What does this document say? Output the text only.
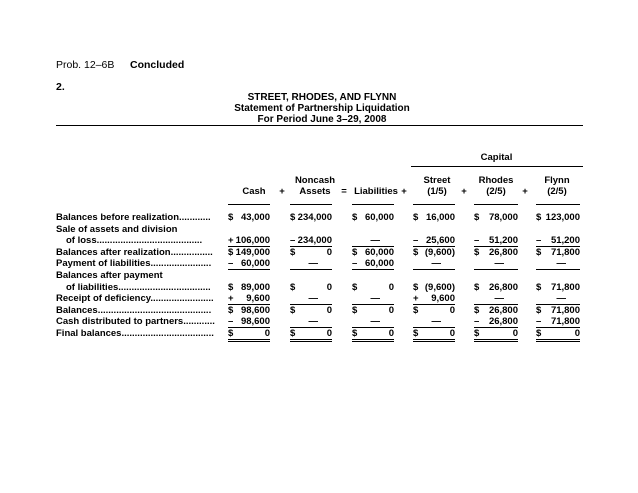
Prob. 12–6B Concluded
2.
STREET, RHODES, AND FLYNN
Statement of Partnership Liquidation
For Period June 3–29, 2008
Capital
Noncash	Street	Rhodes	Flynn
Cash	+	Assets	= Liabilities +	(1/5)	+	(2/5)	+	(2/5)
Balances before realization............ $ 43,000 $ 234,000 $ 60,000 $ 16,000 $ 78,000 $ 123,000
Sale of assets and division
of loss........................................	+ 106,000 – 234,000	—	– 25,600 – 51,200 – 51,200
Balances after realization................ $ 149,000 $	0 $ 60,000 $ (9,600) $ 26,800 $ 71,800
Payment of liabilities....................... – 60,000	—	– 60,000	—	—	—
Balances after payment
of liabilities................................... $ 89,000 $	0 $	0 $ (9,600) $ 26,800 $ 71,800
Receipt of deficiency........................ + 9,600	—	—	+ 9,600	—	—
Balances........................................... $ 98,600 $	0 $	0 $	0 $ 26,800 $ 71,800
Cash distributed to partners............ – 98,600	—	—	—	– 26,800 – 71,800
Final balances................................... $	0 $	0 $	0 $	0 $	0 $	0
